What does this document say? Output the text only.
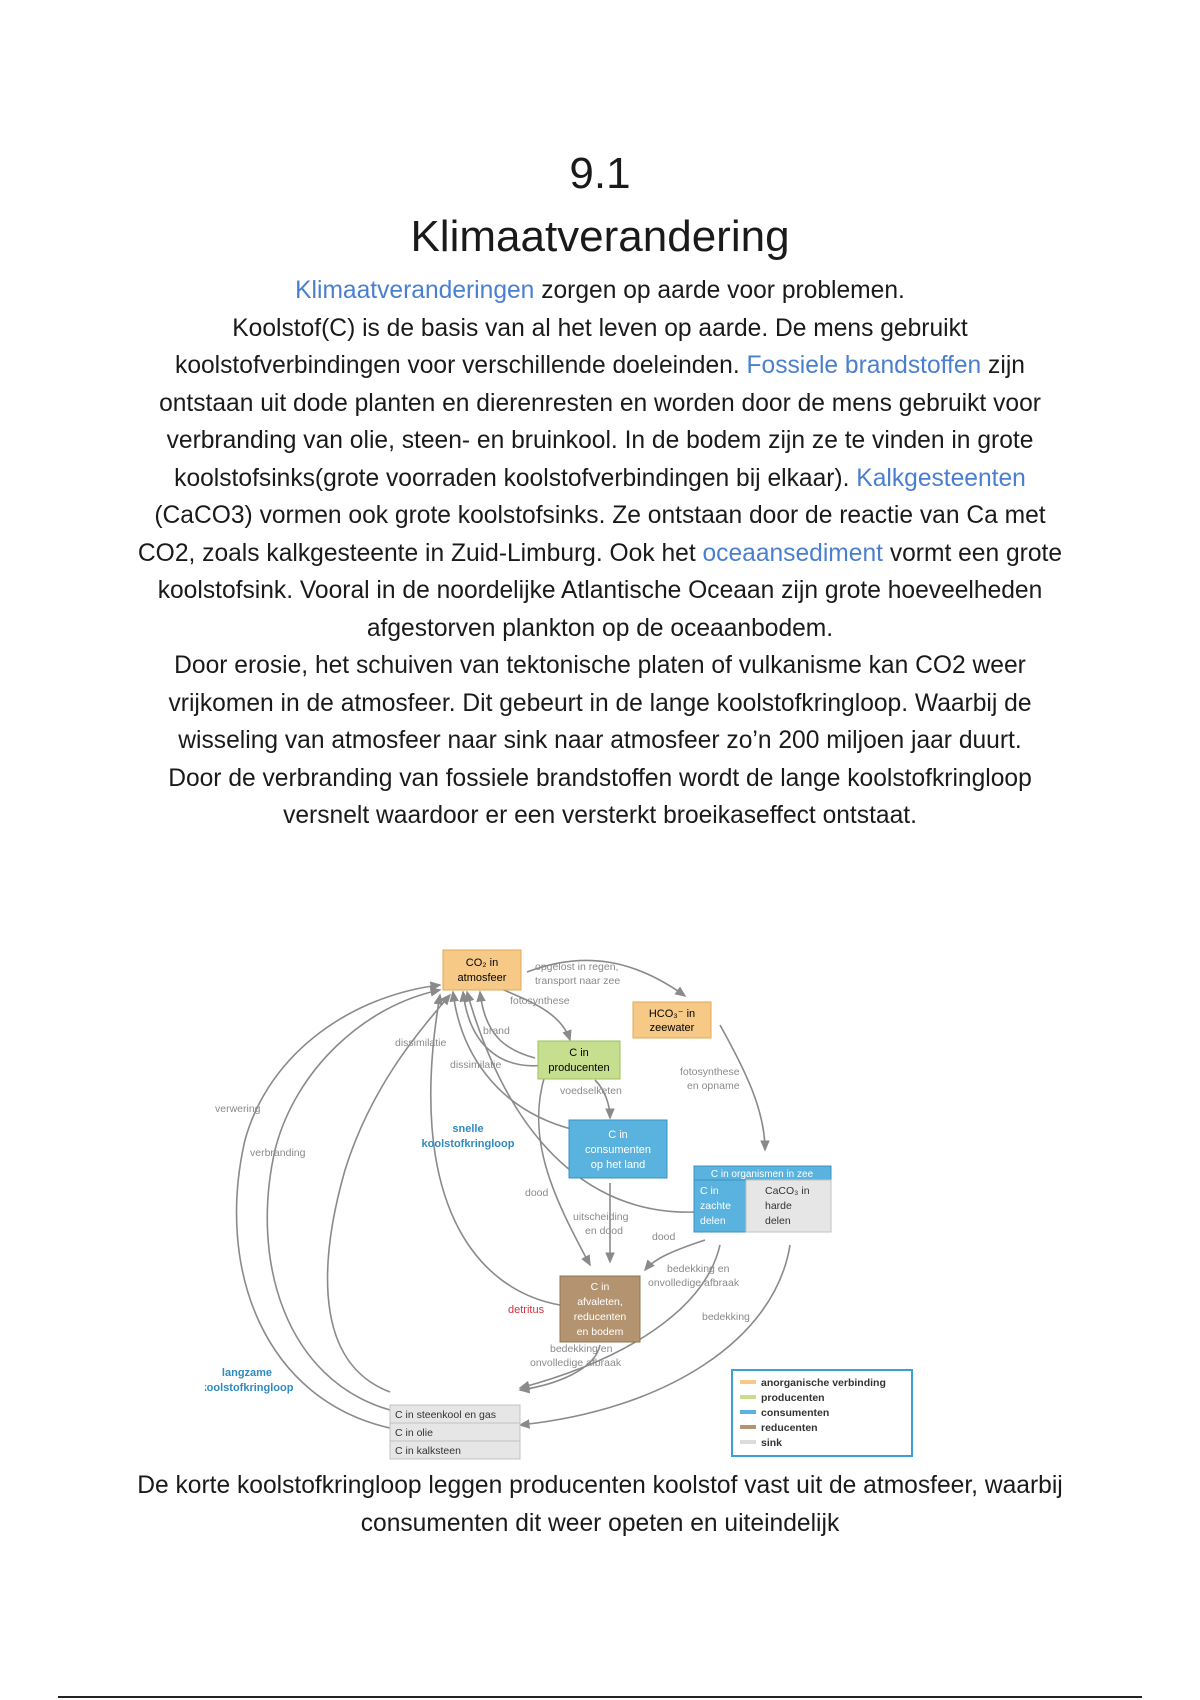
9.1
Klimaatverandering
Klimaatveranderingen zorgen op aarde voor problemen.
Koolstof(C) is de basis van al het leven op aarde. De mens gebruikt koolstofverbindingen voor verschillende doeleinden. Fossiele brandstoffen zijn ontstaan uit dode planten en dierenresten en worden door de mens gebruikt voor verbranding van olie, steen- en bruinkool. In de bodem zijn ze te vinden in grote koolstofsinks(grote voorraden koolstofverbindingen bij elkaar). Kalkgesteenten (CaCO3) vormen ook grote koolstofsinks. Ze ontstaan door de reactie van Ca met CO2, zoals kalkgesteente in Zuid-Limburg. Ook het oceaansediment vormt een grote koolstofsink. Vooral in de noordelijke Atlantische Oceaan zijn grote hoeveelheden afgestorven plankton op de oceaanbodem.
Door erosie, het schuiven van tektonische platen of vulkanisme kan CO2 weer vrijkomen in de atmosfeer. Dit gebeurt in de lange koolstofkringloop. Waarbij de wisseling van atmosfeer naar sink naar atmosfeer zo’n 200 miljoen jaar duurt.
Door de verbranding van fossiele brandstoffen wordt de lange koolstofkringloop versnelt waardoor er een versterkt broeikaseffect ontstaat.
CO₂ in
atmosfeer
HCO₃⁻ in
zeewater
C in
producenten
C in
consumenten
op het land
C in organismen in zee
C in
zachte
delen
CaCO₃ in
harde
delen
C in
afvaleten,
reducenten
en bodem
C in steenkool en gas
C in olie
C in kalksteen
opgelost in regen,
transport naar zee
fotosynthese
brand
dissimilatie
dissimilatie
voedselketen
fotosynthese
en opname
verwering
verbranding
dood
uitscheiding
en dood	dood
bedekking en
onvolledige afbraak
bedekking
bedekking en
onvolledige afbraak
snelle
koolstofkringloop
langzame
koolstofkringloop
detritus
anorganische verbinding
producenten
consumenten
reducenten
sink
De korte koolstofkringloop leggen producenten koolstof vast uit de atmosfeer, waarbij consumenten dit weer opeten en uiteindelijk
